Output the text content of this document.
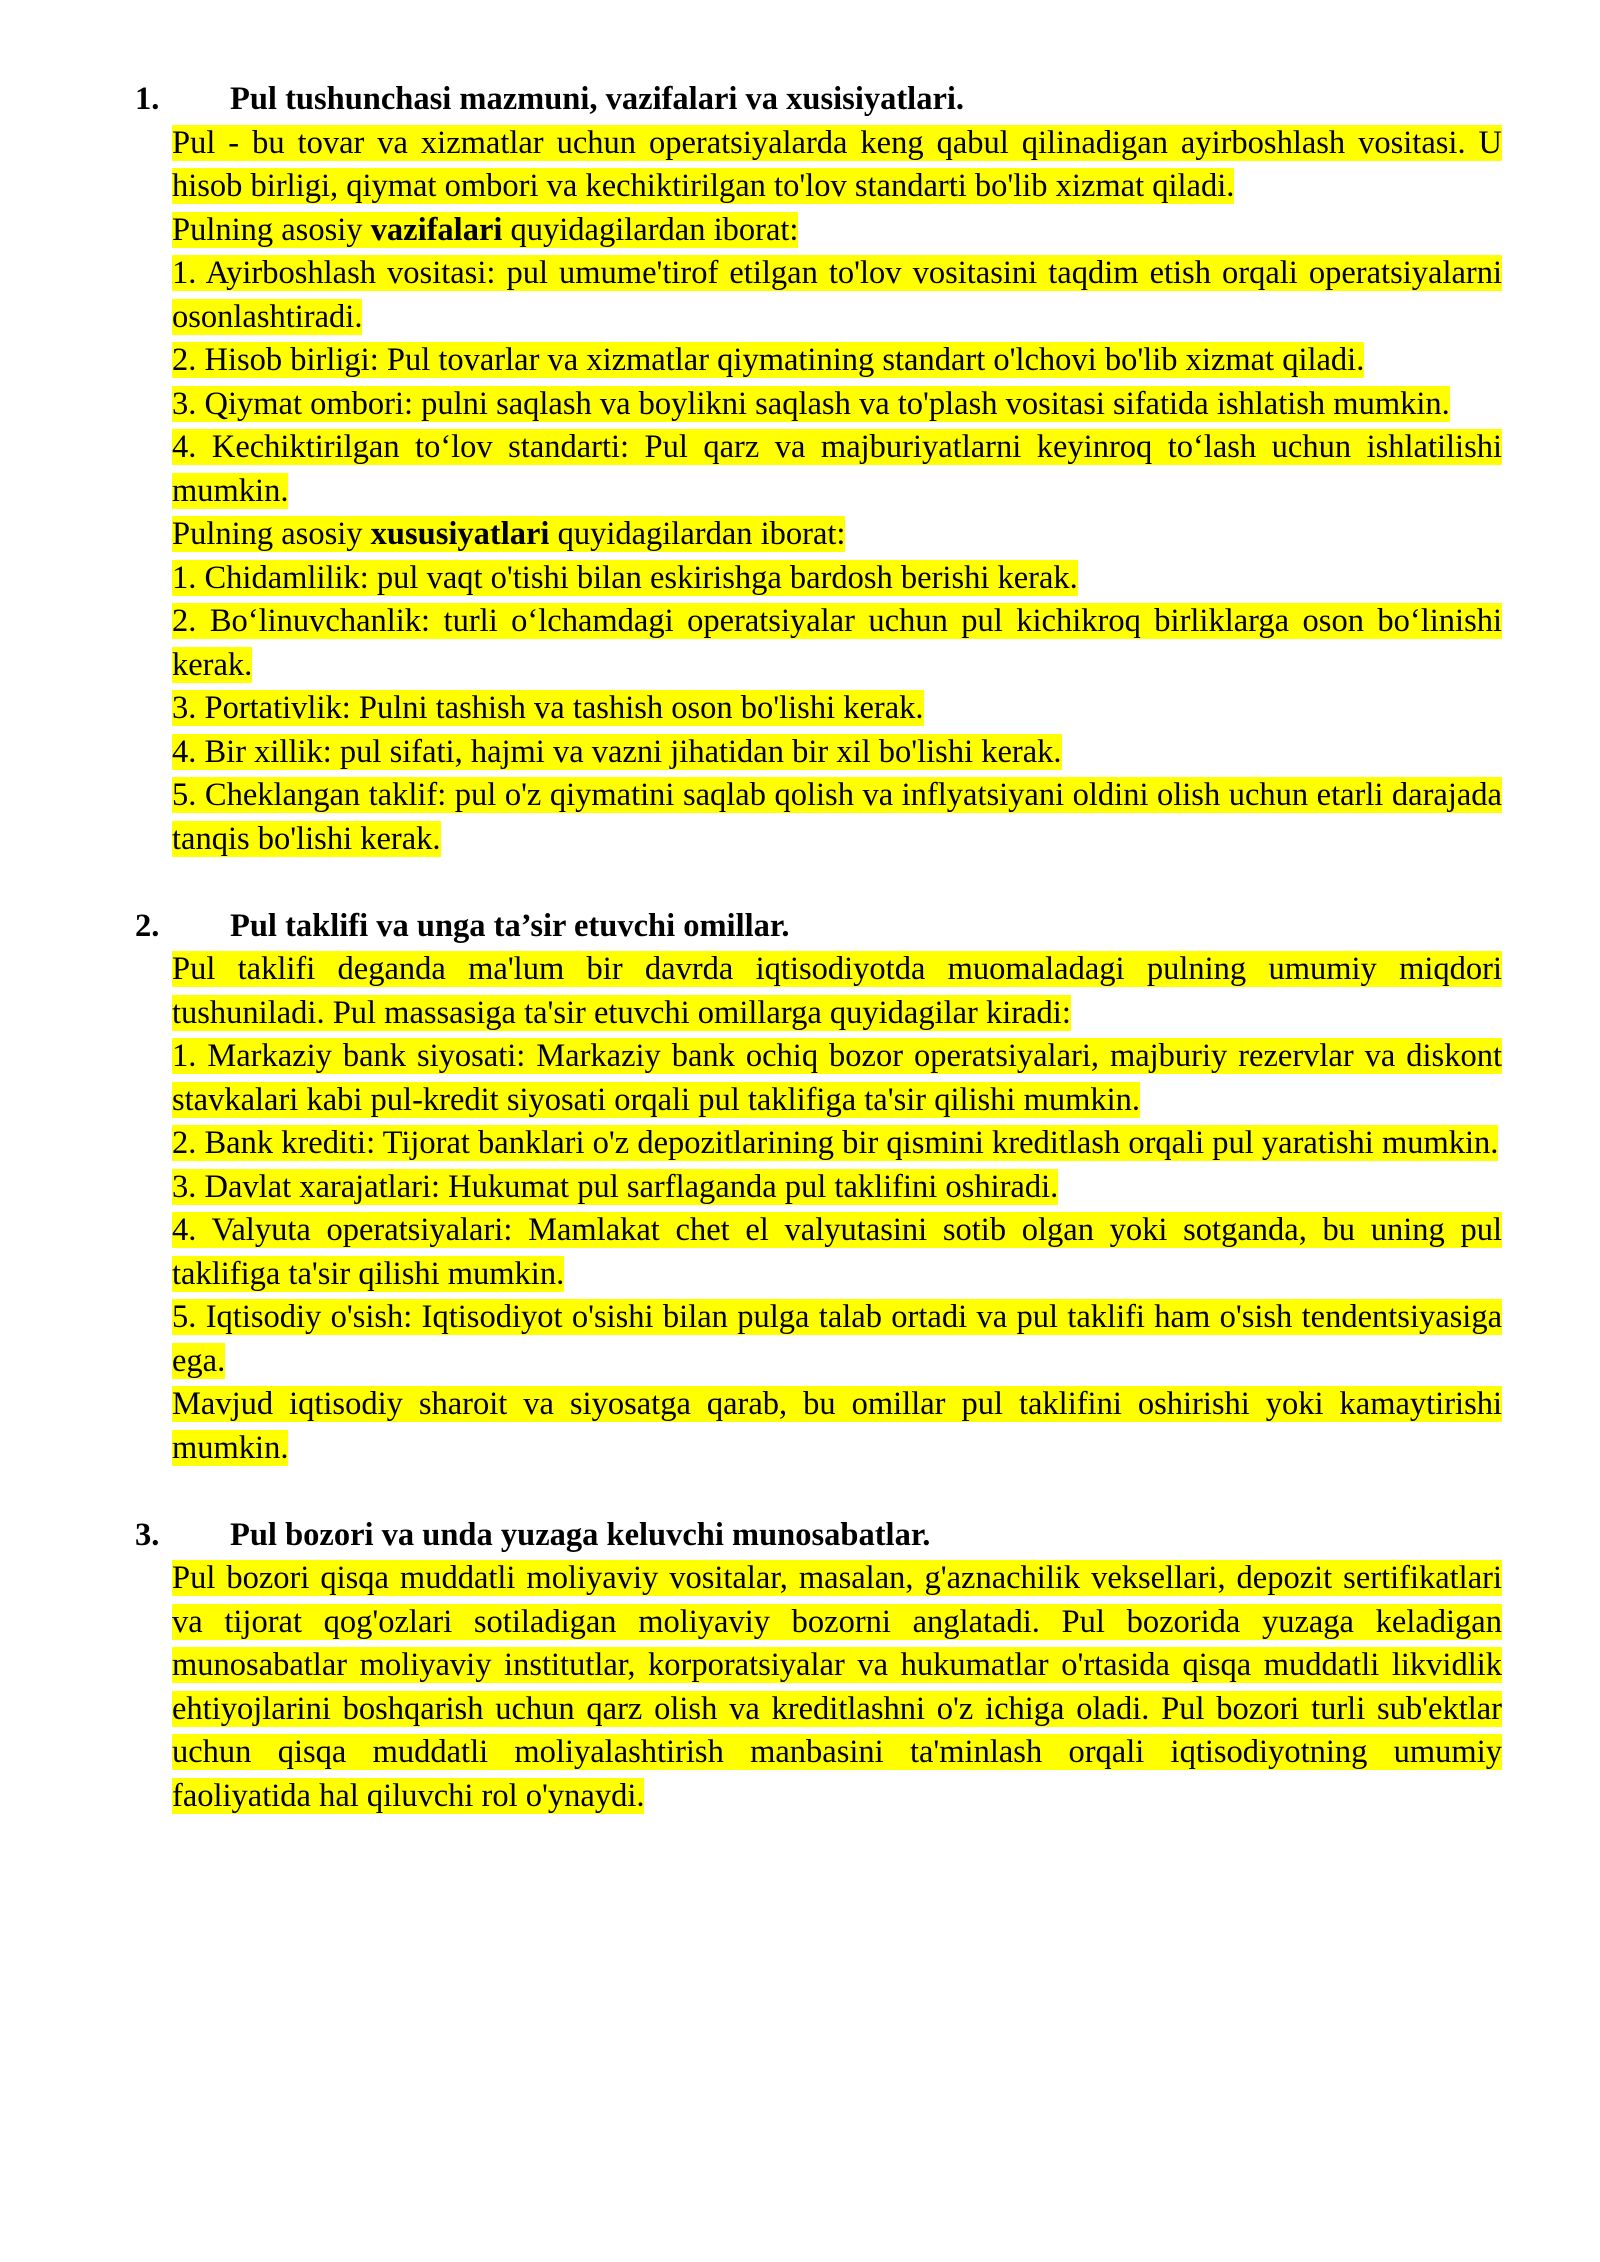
1. Pul tushunchasi mazmuni, vazifalari va xusisiyatlari.
Pul - bu tovar va xizmatlar uchun operatsiyalarda keng qabul qilinadigan ayirboshlash vositasi. U hisob birligi, qiymat ombori va kechiktirilgan to'lov standarti bo'lib xizmat qiladi.
Pulning asosiy vazifalari quyidagilardan iborat:
1. Ayirboshlash vositasi: pul umume'tirof etilgan to'lov vositasini taqdim etish orqali operatsiyalarni osonlashtiradi.
2. Hisob birligi: Pul tovarlar va xizmatlar qiymatining standart o'lchovi bo'lib xizmat qiladi.
3. Qiymat ombori: pulni saqlash va boylikni saqlash va to'plash vositasi sifatida ishlatish mumkin.
4. Kechiktirilgan to‘lov standarti: Pul qarz va majburiyatlarni keyinroq to‘lash uchun ishlatilishi mumkin.
Pulning asosiy xususiyatlari quyidagilardan iborat:
1. Chidamlilik: pul vaqt o'tishi bilan eskirishga bardosh berishi kerak.
2. Bo‘linuvchanlik: turli o‘lchamdagi operatsiyalar uchun pul kichikroq birliklarga oson bo‘linishi kerak.
3. Portativlik: Pulni tashish va tashish oson bo'lishi kerak.
4. Bir xillik: pul sifati, hajmi va vazni jihatidan bir xil bo'lishi kerak.
5. Cheklangan taklif: pul o'z qiymatini saqlab qolish va inflyatsiyani oldini olish uchun etarli darajada tanqis bo'lishi kerak.
2. Pul taklifi va unga ta’sir etuvchi omillar.
Pul taklifi deganda ma'lum bir davrda iqtisodiyotda muomaladagi pulning umumiy miqdori tushuniladi. Pul massasiga ta'sir etuvchi omillarga quyidagilar kiradi:
1. Markaziy bank siyosati: Markaziy bank ochiq bozor operatsiyalari, majburiy rezervlar va diskont stavkalari kabi pul-kredit siyosati orqali pul taklifiga ta'sir qilishi mumkin.
2. Bank krediti: Tijorat banklari o'z depozitlarining bir qismini kreditlash orqali pul yaratishi mumkin.
3. Davlat xarajatlari: Hukumat pul sarflaganda pul taklifini oshiradi.
4. Valyuta operatsiyalari: Mamlakat chet el valyutasini sotib olgan yoki sotganda, bu uning pul taklifiga ta'sir qilishi mumkin.
5. Iqtisodiy o'sish: Iqtisodiyot o'sishi bilan pulga talab ortadi va pul taklifi ham o'sish tendentsiyasiga ega.
Mavjud iqtisodiy sharoit va siyosatga qarab, bu omillar pul taklifini oshirishi yoki kamaytirishi mumkin.
3. Pul bozori va unda yuzaga keluvchi munosabatlar.
Pul bozori qisqa muddatli moliyaviy vositalar, masalan, g'aznachilik veksellari, depozit sertifikatlari va tijorat qog'ozlari sotiladigan moliyaviy bozorni anglatadi. Pul bozorida yuzaga keladigan munosabatlar moliyaviy institutlar, korporatsiyalar va hukumatlar o'rtasida qisqa muddatli likvidlik ehtiyojlarini boshqarish uchun qarz olish va kreditlashni o'z ichiga oladi. Pul bozori turli sub'ektlar uchun qisqa muddatli moliyalashtirish manbasini ta'minlash orqali iqtisodiyotning umumiy faoliyatida hal qiluvchi rol o'ynaydi.
